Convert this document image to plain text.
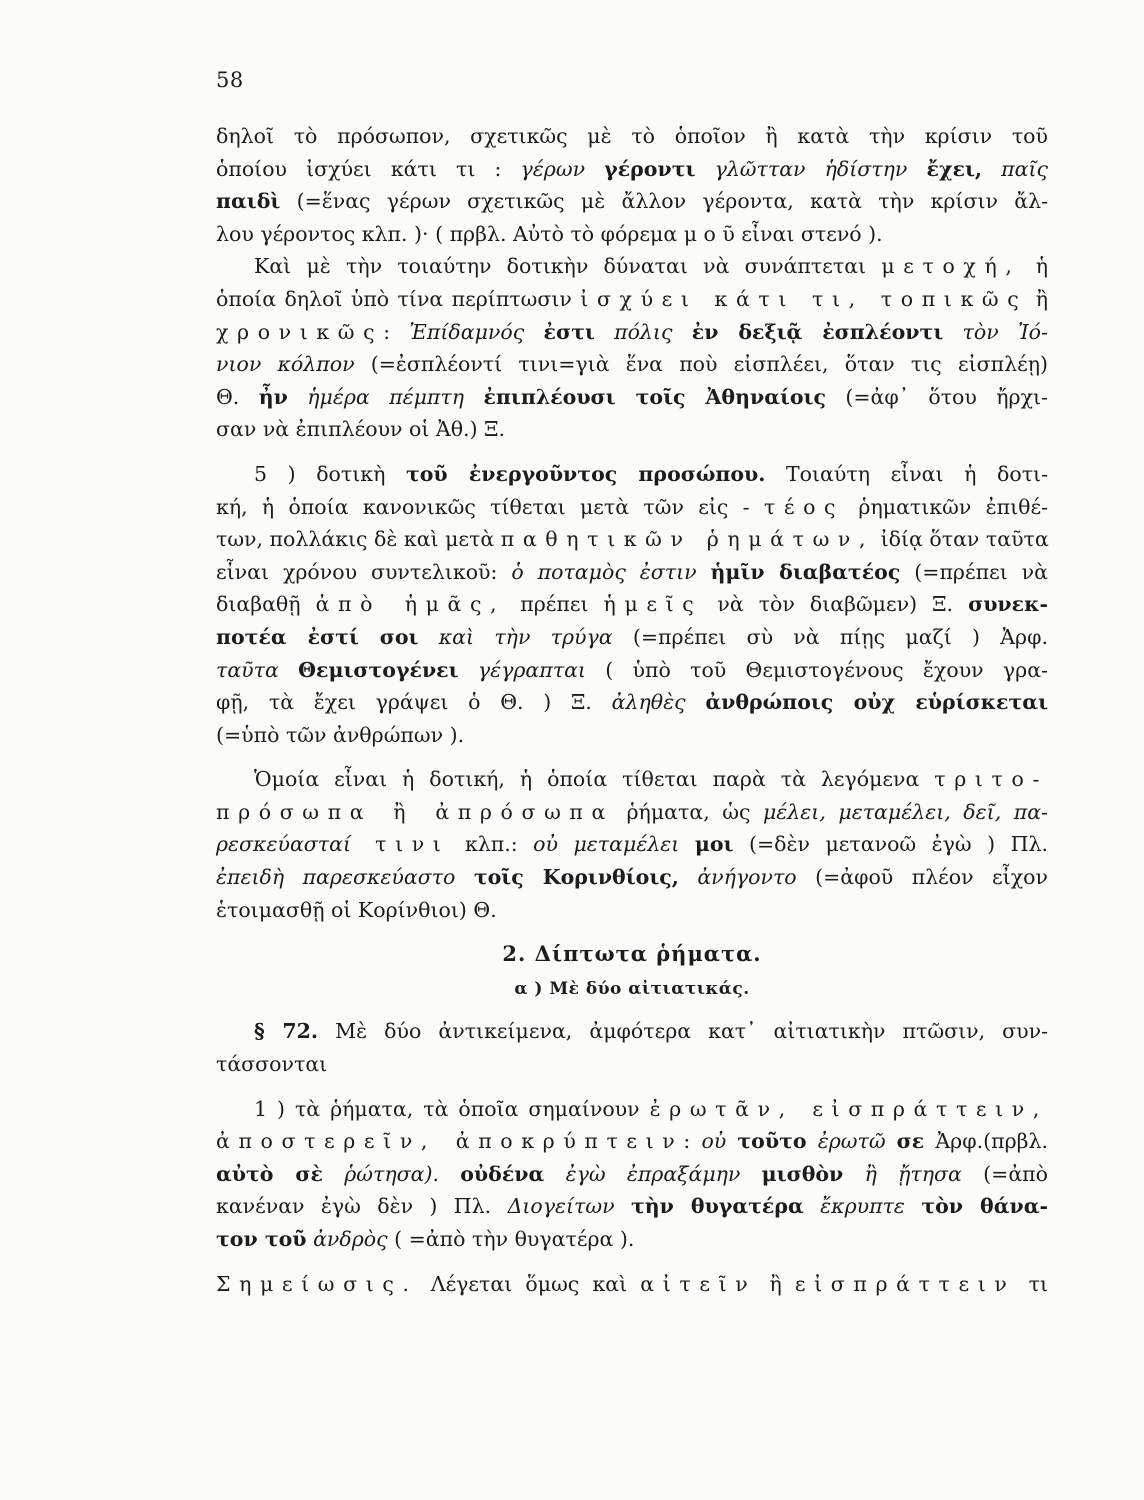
58

δηλοῖ τὸ πρόσωπον, σχετικῶς μὲ τὸ ὁποῖον ἢ κατὰ τὴν κρίσιν τοῦ
ὁποίου ἰσχύει κάτι τι : γέρων γέροντι γλῶτταν ἡδίστην ἔχει, παῖς
παιδὶ (=ἕνας γέρων σχετικῶς μὲ ἄλλον γέροντα, κατὰ τὴν κρίσιν ἄλ-
λου γέροντος κλπ. )· ( πρβλ. Αὐτὸ τὸ φόρεμα μ ο ῦ εἶναι στενό ).

Καὶ μὲ τὴν τοιαύτην δοτικὴν δύναται νὰ συνάπτεται μετοχή, ἡ
ὁποία δηλοῖ ὑπὸ τίνα περίπτωσιν ἰσχύει κάτι τι, τοπικῶς ἢ
χρονικῶς: Ἐπίδαμνός ἐστι πόλις ἐν δεξιᾷ ἐσπλέοντι τὸν Ἰό-
νιον κόλπον (=ἐσπλέοντί τινι=γιὰ ἕνα ποὺ εἰσπλέει, ὅταν τις εἰσπλέῃ)
Θ. ἦν ἡμέρα πέμπτη ἐπιπλέουσι τοῖς Ἀθηναίοις (=ἀφ᾽ ὅτου ἤρχι-
σαν νὰ ἐπιπλέουν οἱ Ἀθ.) Ξ.

5 ) δοτικὴ τοῦ ἐνεργοῦντος προσώπου. Τοιαύτη εἶναι ἡ δοτι-
κή, ἡ ὁποία κανονικῶς τίθεται μετὰ τῶν εἰς - τέος ῥηματικῶν ἐπιθέ-
των, πολλάκις δὲ καὶ μετὰ παθητικῶν ῥημάτων, ἰδίᾳ ὅταν ταῦτα
εἶναι χρόνου συντελικοῦ: ὁ ποταμὸς ἐστιν ἡμῖν διαβατέος (=πρέπει νὰ
διαβαθῇ ἀπὸ ἡμᾶς, πρέπει ἡμεῖς νὰ τὸν διαβῶμεν) Ξ. συνεκ-
ποτέα ἐστί σοι καὶ τὴν τρύγα (=πρέπει σὺ νὰ πίῃς μαζί ) Ἀρφ.
ταῦτα Θεμιστογένει γέγραπται ( ὑπὸ τοῦ Θεμιστογένους ἔχουν γρα-
φῇ, τὰ ἔχει γράψει ὁ Θ. ) Ξ. ἀληθὲς ἀνθρώποις οὐχ εὑρίσκεται
(=ὑπὸ τῶν ἀνθρώπων ).

Ὁμοία εἶναι ἡ δοτική, ἡ ὁποία τίθεται παρὰ τὰ λεγόμενα τριτο-
πρόσωπα ἢ ἀπρόσωπα ῥήματα, ὡς μέλει, μεταμέλει, δεῖ, πα-
ρεσκεύασταί τινι κλπ.: οὐ μεταμέλει μοι (=δὲν μετανοῶ ἐγὼ ) Πλ.
ἐπειδὴ παρεσκεύαστο τοῖς Κορινθίοις, ἀνήγοντο (=ἀφοῦ πλέον εἶχον
ἑτοιμασθῇ οἱ Κορίνθιοι) Θ.

2. Δίπτωτα ῥήματα.
α ) Μὲ δύο αἰτιατικάς.

§ 72. Μὲ δύο ἀντικείμενα, ἀμφότερα κατ᾽ αἰτιατικὴν πτῶσιν, συν-
τάσσονται

1 ) τὰ ῥήματα, τὰ ὁποῖα σημαίνουν ἐρωτᾶν, εἰσπράττειν,
ἀποστερεῖν, ἀποκρύπτειν: οὐ τοῦτο ἐρωτῶ σε Ἀρφ.(πρβλ.
αὐτὸ σὲ ῥώτησα). οὐδένα ἐγὼ ἐπραξάμην μισθὸν ἢ ᾔτησα (=ἀπὸ
κανέναν ἐγὼ δὲν ) Πλ. Διογείτων τὴν θυγατέρα ἔκρυπτε τὸν θάνα-
τον τοῦ ἀνδρὸς ( =ἀπὸ τὴν θυγατέρα ).

Σημείωσις. Λέγεται ὅμως καὶ αἰτεῖν ἢ εἰσπράττειν τι
